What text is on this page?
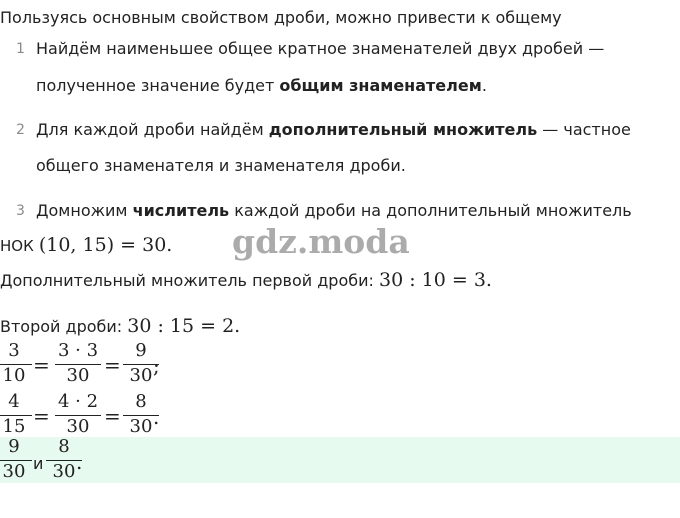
Пользуясь основным свойством дроби, можно привести к общему
1 Найдём наименьшее общее кратное знаменателей двух дробей —
полученное значение будет общим знаменателем.
2 Для каждой дроби найдём дополнительный множитель — частное
общего знаменателя и знаменателя дроби.
3 Домножим числитель каждой дроби на дополнительный множитель
НОК (10, 15) = 30. gdz.moda
Дополнительный множитель первой дроби: 30 : 10 = 3.
Второй дроби: 30 : 15 = 2.
3
10 =
3 · 3
30 =
9
30 ;
4
15 =
4 · 2
30 =
8
30 .
9
30 и
8
30 .
